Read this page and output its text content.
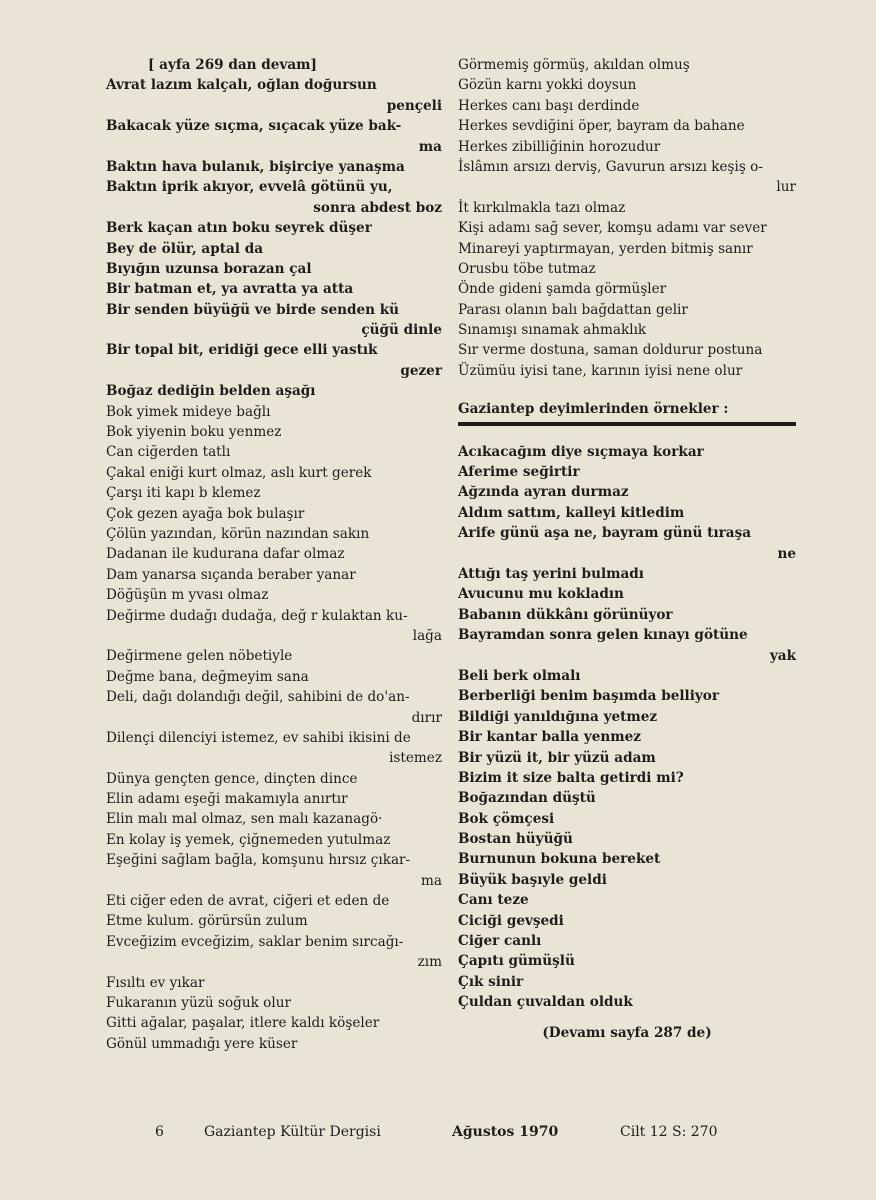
[ ayfa 269 dan devam]
Avrat lazım kalçalı, oğlan doğursun
pençeli
Bakacak yüze sıçma, sıçacak yüze bak-
ma
Baktın hava bulanık, bişirciye yanaşma
Baktın iprik akıyor, evvelâ götünü yu,
sonra abdest boz
Berk kaçan atın boku seyrek düşer
Bey de ölür, aptal da
Bıyığın uzunsa borazan çal
Bir batman et, ya avratta ya atta
Bir senden büyüğü ve birde senden kü
çüğü dinle
Bir topal bit, eridiği gece elli yastık
gezer
Boğaz dediğin belden aşağı
Bok yimek mideye bağlı
Bok yiyenin boku yenmez
Can ciğerden tatlı
Çakal eniği kurt olmaz, aslı kurt gerek
Çarşı iti kapı b klemez
Çok gezen ayağa bok bulaşır
Çölün yazından, körün nazından sakın
Dadanan ile kudurana dafar olmaz
Dam yanarsa sıçanda beraber yanar
Döğüşün m yvası olmaz
Değirme dudağı dudağa, değ r kulaktan ku-
lağa
Değirmene gelen nöbetiyle
Değme bana, değmeyim sana
Deli, dağı dolandığı değil, sahibini de do'an-
dırır
Dilençi dilenciyi istemez, ev sahibi ikisini de
istemez
Dünya gençten gence, dinçten dince
Elin adamı eşeği makamıyla anırtır
Elin malı mal olmaz, sen malı kazanagö·
En kolay iş yemek, çiğnemeden yutulmaz
Eşeğini sağlam bağla, komşunu hırsız çıkar-
ma
Eti ciğer eden de avrat, ciğeri et eden de
Etme kulum. görürsün zulum
Evceğizim evceğizim, saklar benim sırcağı-
zım
Fısıltı ev yıkar
Fukaranın yüzü soğuk olur
Gitti ağalar, paşalar, itlere kaldı köşeler
Gönül ummadığı yere küser
Görmemiş görmüş, akıldan olmuş
Gözün karnı yokki doysun
Herkes canı başı derdinde
Herkes sevdiğini öper, bayram da bahane
Herkes zibilliğinin horozudur
İslâmın arsızı derviş, Gavurun arsızı keşiş o-
lur
İt kırkılmakla tazı olmaz
Kişi adamı sağ sever, komşu adamı var sever
Minareyi yaptırmayan, yerden bitmiş sanır
Orusbu töbe tutmaz
Önde gideni şamda görmüşler
Parası olanın balı bağdattan gelir
Sınamışı sınamak ahmaklık
Sır verme dostuna, saman doldurur postuna
Üzümüu iyisi tane, karının iyisi nene olur
Gaziantep deyimlerinden örnekler :
Acıkacağım diye sıçmaya korkar
Aferime seğirtir
Ağzında ayran durmaz
Aldım sattım, kalleyi kitledim
Arife günü aşa ne, bayram günü tıraşa
ne
Attığı taş yerini bulmadı
Avucunu mu kokladın
Babanın dükkânı görünüyor
Bayramdan sonra gelen kınayı götüne
yak
Beli berk olmalı
Berberliği benim başımda belliyor
Bildiği yanıldığına yetmez
Bir kantar balla yenmez
Bir yüzü it, bir yüzü adam
Bizim it size balta getirdi mi?
Boğazından düştü
Bok çömçesi
Bostan hüyüğü
Burnunun bokuna bereket
Büyük başıyle geldi
Canı teze
Ciciği gevşedi
Ciğer canlı
Çapıtı gümüşlü
Çık sinir
Çuldan çuvaldan olduk
(Devamı sayfa 287 de)
6	Gaziantep Kültür Dergisi	Ağustos 1970	Cilt 12 S: 270
